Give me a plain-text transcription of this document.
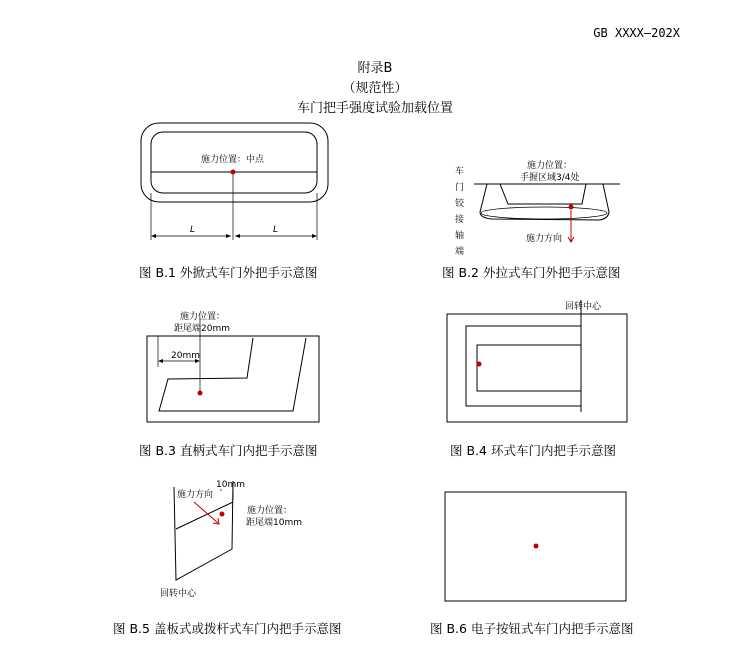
GB XXXX—202X
附录B
（规范性）
车门把手强度试验加载位置
施力位置：中点
L	L
图 B.1 外掀式车门外把手示意图
车
门
铰
接
轴
端
施力位置：
手握区域3/4处
施力方向
图 B.2 外拉式车门外把手示意图
施力位置：
距尾端20mm
20mm
图 B.3 直柄式车门内把手示意图
回转中心
图 B.4 环式车门内把手示意图
10mm
施力方向
施力位置：
距尾端10mm
回转中心
图 B.5 盖板式或拨杆式车门内把手示意图	图 B.6 电子按钮式车门内把手示意图
